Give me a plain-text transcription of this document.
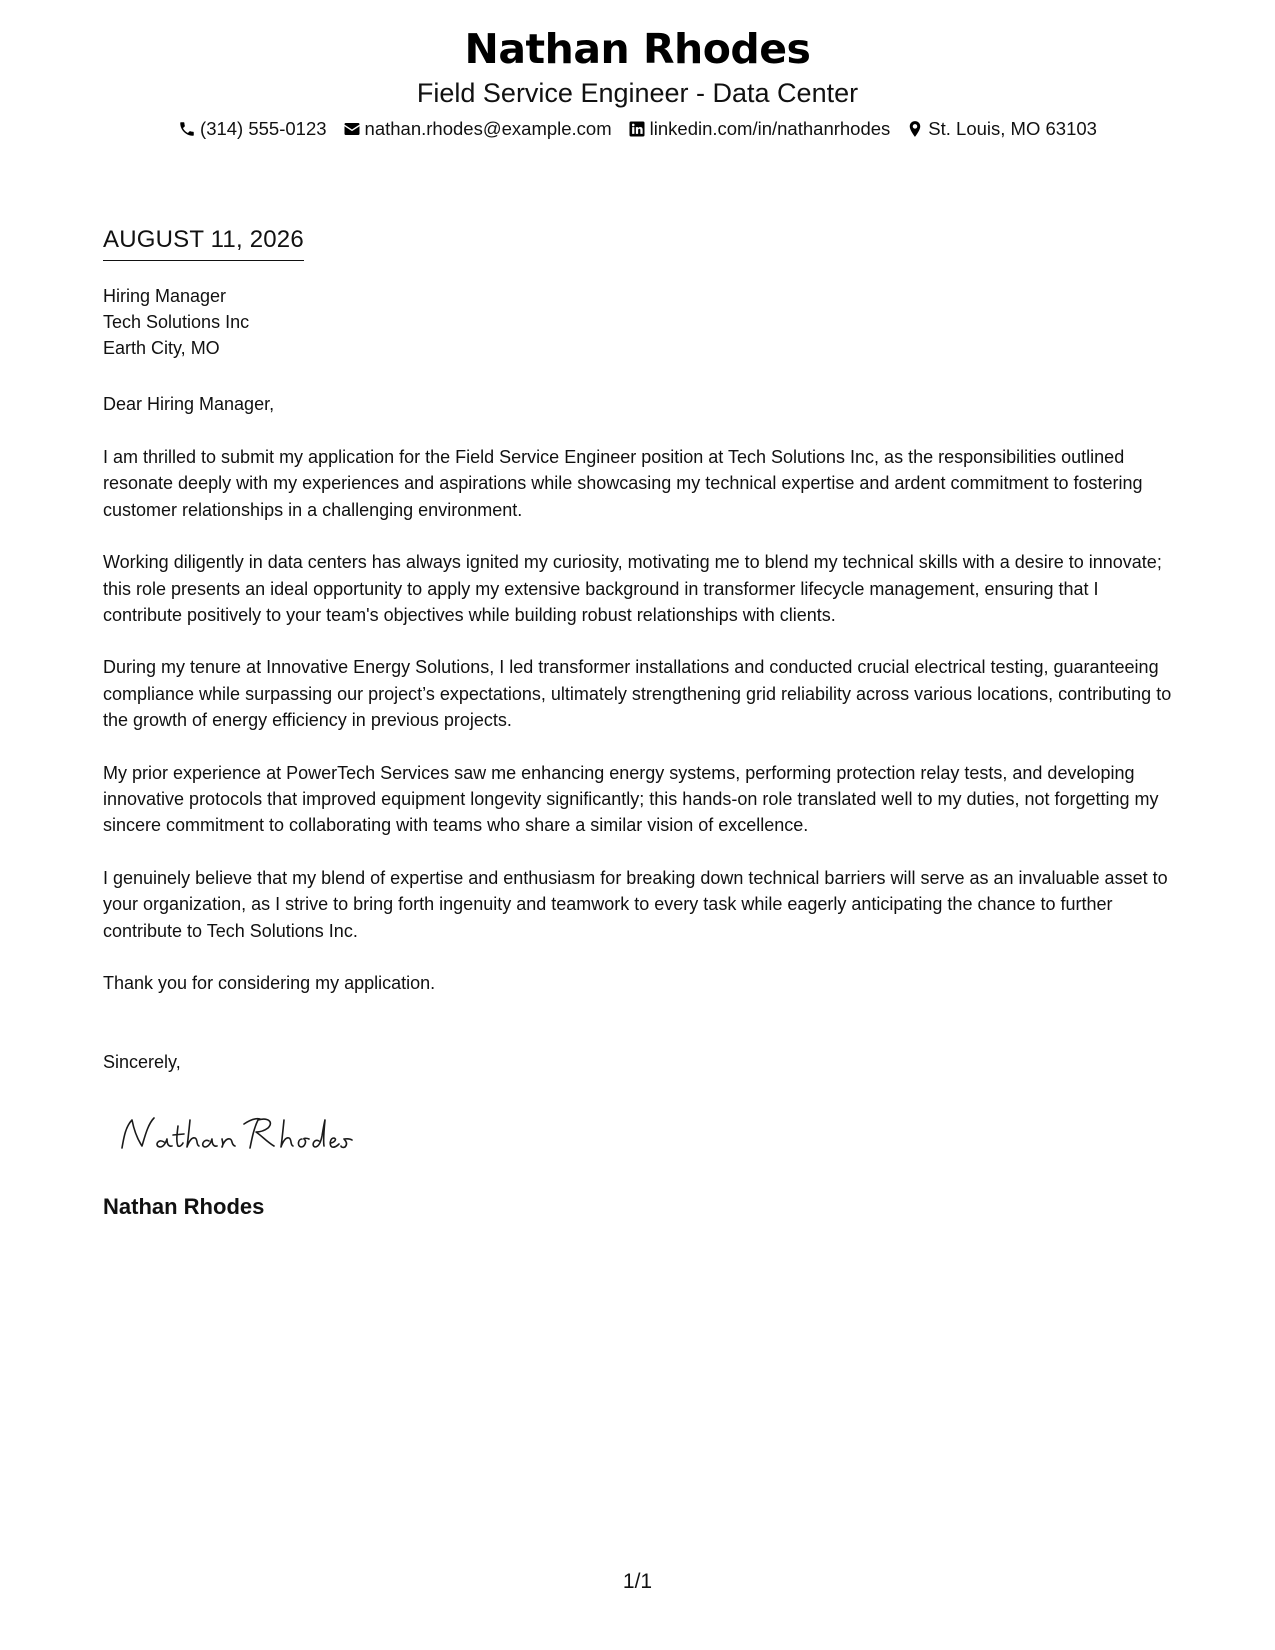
Nathan Rhodes
Field Service Engineer - Data Center
(314) 555-0123 nathan.rhodes@example.com linkedin.com/in/nathanrhodes St. Louis, MO 63103
AUGUST 11, 2026
Hiring Manager
Tech Solutions Inc
Earth City, MO
Dear Hiring Manager,

I am thrilled to submit my application for the Field Service Engineer position at Tech Solutions Inc, as the responsibilities outlined resonate deeply with my experiences and aspirations while showcasing my technical expertise and ardent commitment to fostering customer relationships in a challenging environment.

Working diligently in data centers has always ignited my curiosity, motivating me to blend my technical skills with a desire to innovate; this role presents an ideal opportunity to apply my extensive background in transformer lifecycle management, ensuring that I contribute positively to your team's objectives while building robust relationships with clients.

During my tenure at Innovative Energy Solutions, I led transformer installations and conducted crucial electrical testing, guaranteeing compliance while surpassing our project’s expectations, ultimately strengthening grid reliability across various locations, contributing to the growth of energy efficiency in previous projects.

My prior experience at PowerTech Services saw me enhancing energy systems, performing protection relay tests, and developing innovative protocols that improved equipment longevity significantly; this hands-on role translated well to my duties, not forgetting my sincere commitment to collaborating with teams who share a similar vision of excellence.

I genuinely believe that my blend of expertise and enthusiasm for breaking down technical barriers will serve as an invaluable asset to your organization, as I strive to bring forth ingenuity and teamwork to every task while eagerly anticipating the chance to further contribute to Tech Solutions Inc.

Thank you for considering my application.

Sincerely,
Nathan Rhodes
1/1
